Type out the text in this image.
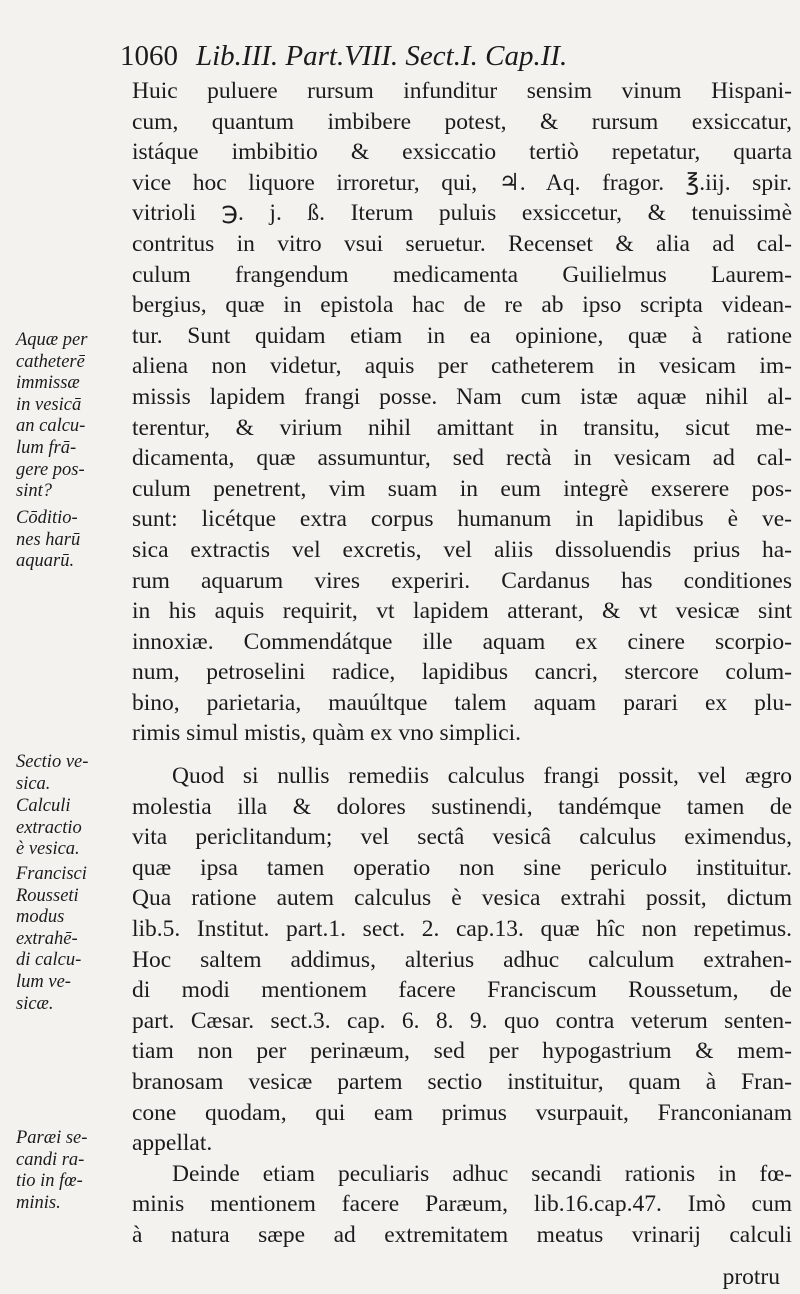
1060 Lib.III. Part.VIII. Sect.I. Cap.II.
Huic puluere rursum infunditur sensim vinum Hispani-
cum, quantum imbibere potest, & rursum exsiccatur,
istáque imbibitio & exsiccatio tertiò repetatur, quarta
vice hoc liquore irroretur, qui, ♃. Aq. fragor. ℥.iij. spir.
vitrioli ℈. j. ß. Iterum puluis exsiccetur, & tenuissimè
contritus in vitro vsui seruetur. Recenset & alia ad cal-
culum frangendum medicamenta Guilielmus Laurem-
bergius, quæ in epistola hac de re ab ipso scripta videan-
tur. Sunt quidam etiam in ea opinione, quæ à ratione
aliena non videtur, aquis per catheterem in vesicam im-
missis lapidem frangi posse. Nam cum istæ aquæ nihil al-
terentur, & virium nihil amittant in transitu, sicut me-
dicamenta, quæ assumuntur, sed rectà in vesicam ad cal-
culum penetrent, vim suam in eum integrè exserere pos-
sunt: licétque extra corpus humanum in lapidibus è ve-
sica extractis vel excretis, vel aliis dissoluendis prius ha-
rum aquarum vires experiri. Cardanus has conditiones
in his aquis requirit, vt lapidem atterant, & vt vesicæ sint
innoxiæ. Commendátque ille aquam ex cinere scorpio-
num, petroselini radice, lapidibus cancri, stercore colum-
bino, parietaria, mauúltque talem aquam parari ex plu-
rimis simul mistis, quàm ex vno simplici.
Quod si nullis remediis calculus frangi possit, vel ægro
molestia illa & dolores sustinendi, tandémque tamen de
vita periclitandum; vel sectâ vesicâ calculus eximendus,
quæ ipsa tamen operatio non sine periculo instituitur.
Qua ratione autem calculus è vesica extrahi possit, dictum
lib.5. Institut. part.1. sect. 2. cap.13. quæ hîc non repetimus.
Hoc saltem addimus, alterius adhuc calculum extrahen-
di modi mentionem facere Franciscum Roussetum, de
part. Cæsar. sect.3. cap. 6. 8. 9. quo contra veterum senten-
tiam non per perinæum, sed per hypogastrium & mem-
branosam vesicæ partem sectio instituitur, quam à Fran-
cone quodam, qui eam primus vsurpauit, Franconianam
appellat.
Deinde etiam peculiaris adhuc secandi rationis in fœ-
minis mentionem facere Paræum, lib.16.cap.47. Imò cum
à natura sæpe ad extremitatem meatus vrinarij calculi
Aquæ per
catheterē
immissæ
in vesicā
an calcu-
lum frā-
gere pos-
sint?
Cōditio-
nes harū
aquarū.
Sectio ve-
sica.
Calculi
extractio
è vesica.
Francisci
Rousseti
modus
extrahē-
di calcu-
lum ve-
sicæ.
Paræi se-
candi ra-
tio in fœ-
minis.
protru
